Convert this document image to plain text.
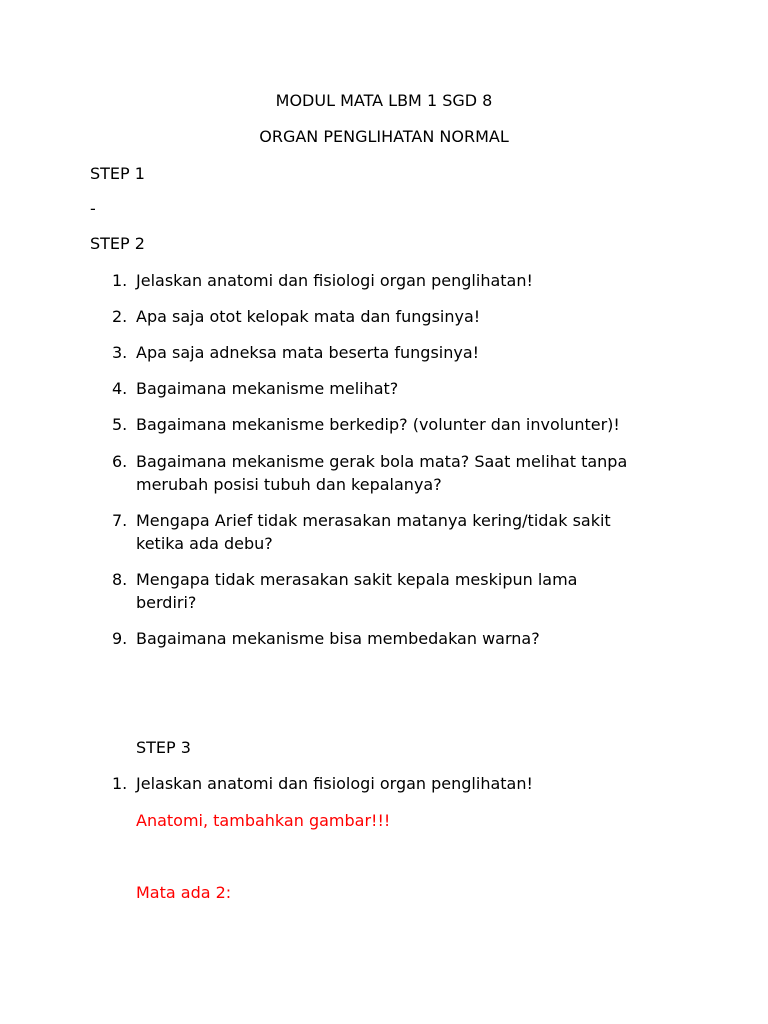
MODUL MATA LBM 1 SGD 8
ORGAN PENGLIHATAN NORMAL
STEP 1
-
STEP 2
1. Jelaskan anatomi dan fisiologi organ penglihatan!
2. Apa saja otot kelopak mata dan fungsinya!
3. Apa saja adneksa mata beserta fungsinya!
4. Bagaimana mekanisme melihat?
5. Bagaimana mekanisme berkedip? (volunter dan involunter)!
6. Bagaimana mekanisme gerak bola mata? Saat melihat tanpa
merubah posisi tubuh dan kepalanya?
7. Mengapa Arief tidak merasakan matanya kering/tidak sakit
ketika ada debu?
8. Mengapa tidak merasakan sakit kepala meskipun lama
berdiri?
9. Bagaimana mekanisme bisa membedakan warna?
STEP 3
1. Jelaskan anatomi dan fisiologi organ penglihatan!
Anatomi, tambahkan gambar!!!
Mata ada 2:
